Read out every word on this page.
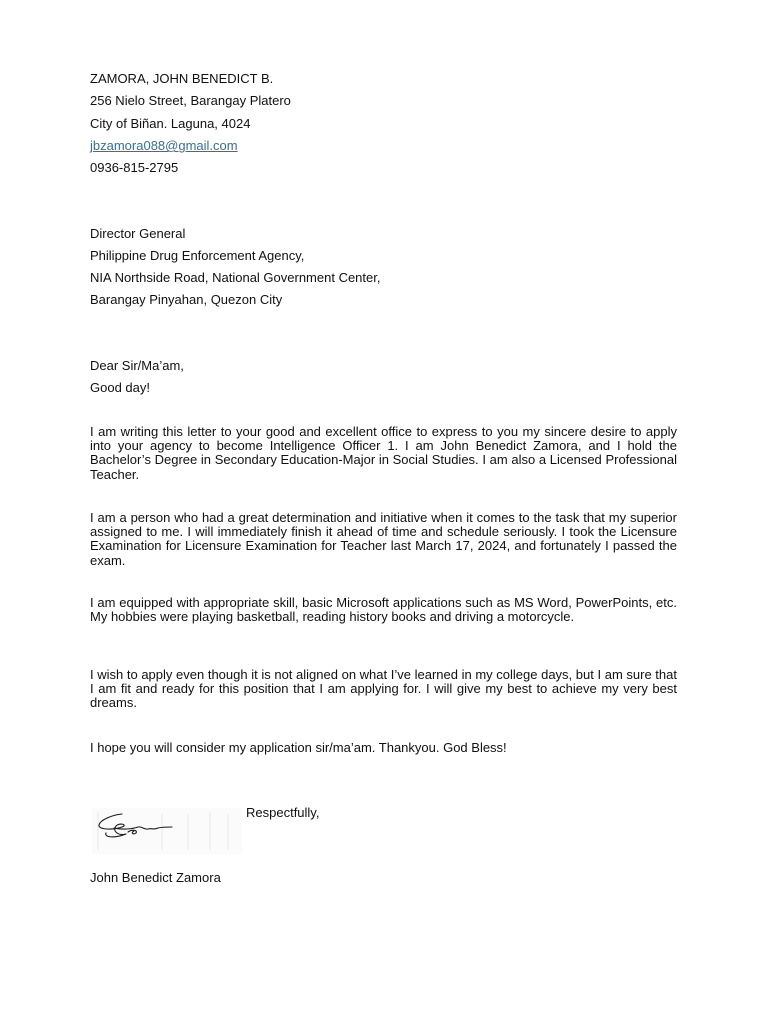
ZAMORA, JOHN BENEDICT B.
256 Nielo Street, Barangay Platero
City of Biñan. Laguna, 4024
jbzamora088@gmail.com
0936-815-2795
Director General
Philippine Drug Enforcement Agency,
NIA Northside Road, National Government Center,
Barangay Pinyahan, Quezon City
Dear Sir/Ma’am,
Good day!
I am writing this letter to your good and excellent office to express to you my sincere desire to apply into your agency to become Intelligence Officer 1. I am John Benedict Zamora, and I hold the Bachelor’s Degree in Secondary Education-Major in Social Studies. I am also a Licensed Professional Teacher.
I am a person who had a great determination and initiative when it comes to the task that my superior assigned to me. I will immediately finish it ahead of time and schedule seriously. I took the Licensure Examination for Licensure Examination for Teacher last March 17, 2024, and fortunately I passed the exam.
I am equipped with appropriate skill, basic Microsoft applications such as MS Word, PowerPoints, etc. My hobbies were playing basketball, reading history books and driving a motorcycle.
I wish to apply even though it is not aligned on what I’ve learned in my college days, but I am sure that I am fit and ready for this position that I am applying for. I will give my best to achieve my very best dreams.
I hope you will consider my application sir/ma’am. Thankyou. God Bless!
Respectfully,
John Benedict Zamora
